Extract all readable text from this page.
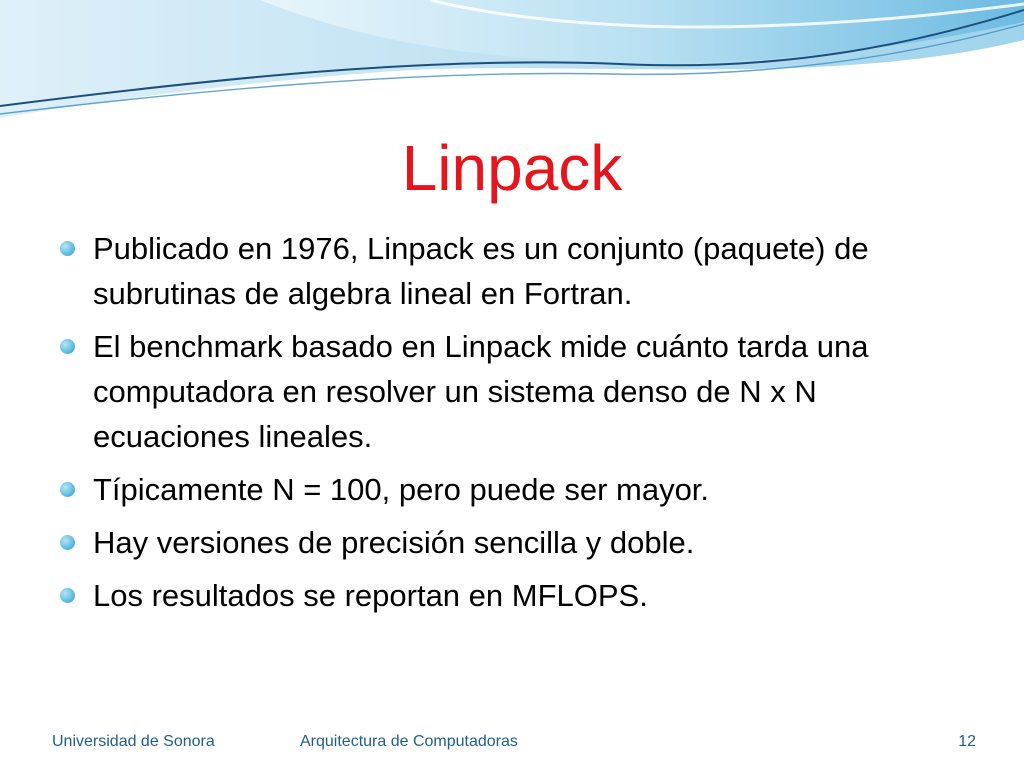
Linpack
Publicado en 1976, Linpack es un conjunto (paquete) de subrutinas de algebra lineal en Fortran.
El benchmark basado en Linpack mide cuánto tarda una computadora en resolver un sistema denso de N x N ecuaciones lineales.
Típicamente N = 100, pero puede ser mayor.
Hay versiones de precisión sencilla y doble.
Los resultados se reportan en MFLOPS.
Universidad de Sonora	Arquitectura de Computadoras	12
